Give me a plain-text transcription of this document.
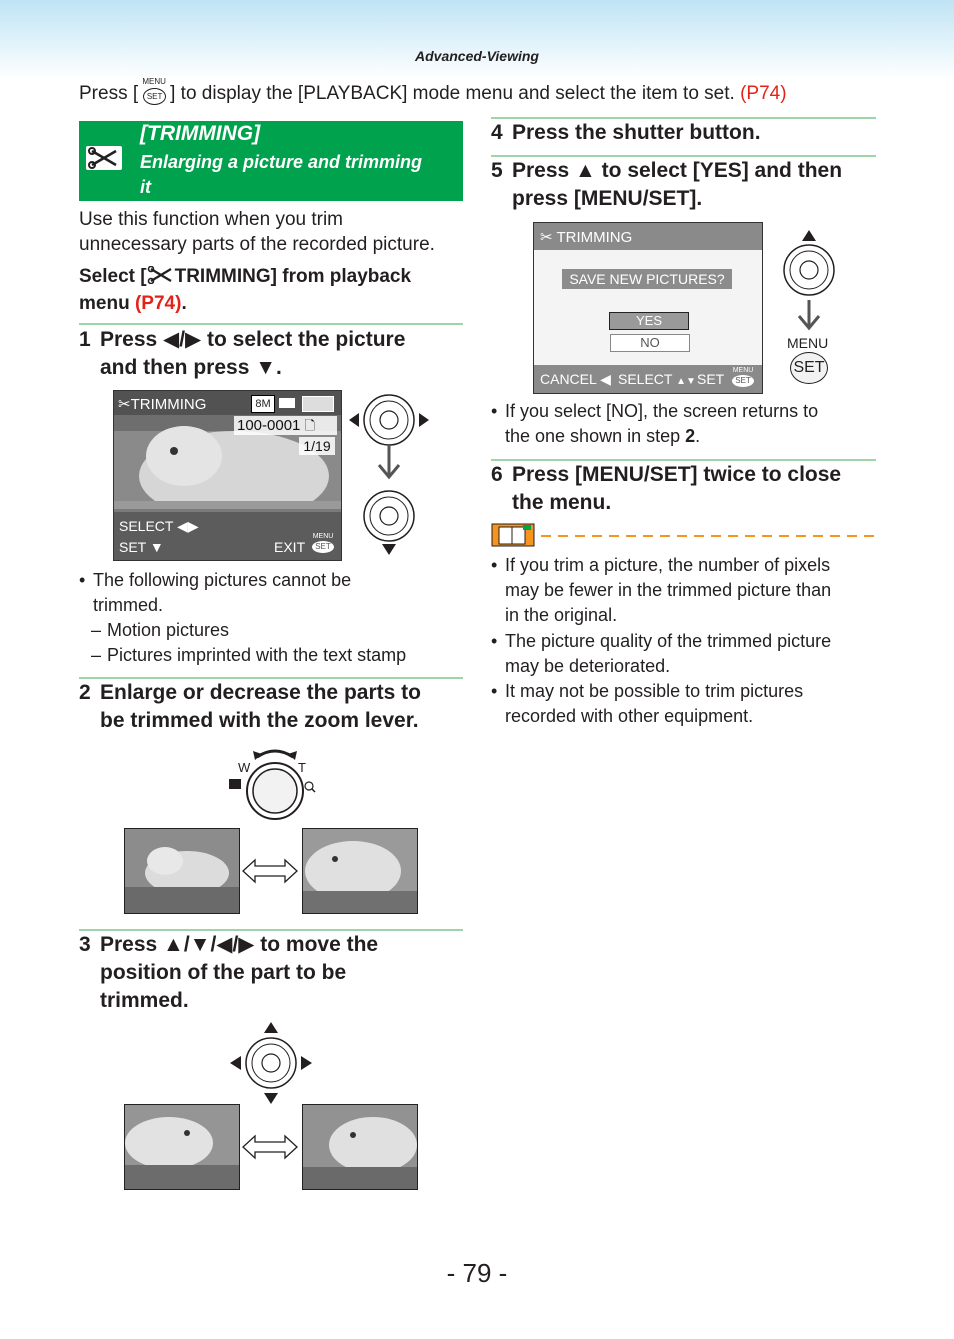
Advanced-Viewing
Press [
MENU
SET ] to display the [PLAYBACK] mode menu and select the item to set. (P74)
[TRIMMING]
Enlarging a picture and trimming
it
Use this function when you trim
unnecessary parts of the recorded picture.
Select [ TRIMMING] from playback
menu (P74).
1 Press ◀/▶ to select the picture
and then press ▼.
✂TRIMMING	8M
100-0001 🗋
1/19
SELECT ◀▶
SET ▼	EXIT
MENU
SET
• The following pictures cannot be
trimmed.
– Motion pictures
– Pictures imprinted with the text stamp
2 Enlarge or decrease the parts to
be trimmed with the zoom lever.
W	T
3 Press ▲/▼/◀/▶ to move the
position of the part to be
trimmed.
4 Press the shutter button.
5 Press ▲ to select [YES] and then
press [MENU/SET].
✂ TRIMMING
SAVE NEW PICTURES?
YES
NO
CANCEL ◀ SELECT ▲▼ SET
MENU
SET
MENU
SET
• If you select [NO], the screen returns to
the one shown in step 2.
6 Press [MENU/SET] twice to close
the menu.
• If you trim a picture, the number of pixels
may be fewer in the trimmed picture than
in the original.
• The picture quality of the trimmed picture
may be deteriorated.
• It may not be possible to trim pictures
recorded with other equipment.
- 79 -
